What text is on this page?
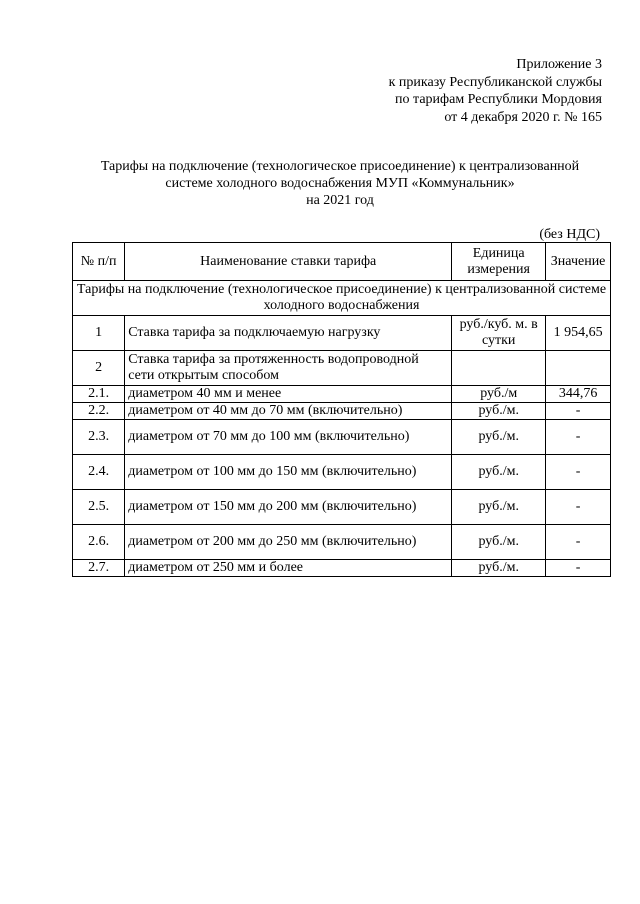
Приложение 3
к приказу Республиканской службы
по тарифам Республики Мордовия
от 4 декабря 2020 г. № 165
Тарифы на подключение (технологическое присоединение) к централизованной
системе холодного водоснабжения МУП «Коммунальник»
на 2021 год
(без НДС)
№ п/п	Наименование ставки тарифа	Единица измерения	Значение
Тарифы на подключение (технологическое присоединение) к централизованной системе холодного водоснабжения			
1	Ставка тарифа за подключаемую нагрузку	руб./куб. м. в сутки	1 954,65
2	Ставка тарифа за протяженность водопроводной сети открытым способом		
2.1.	диаметром 40 мм и менее	руб./м	344,76
2.2.	диаметром от 40 мм до 70 мм (включительно)	руб./м.	-
2.3.	диаметром от 70 мм до 100 мм (включительно)	руб./м.	-
2.4.	диаметром от 100 мм до 150 мм (включительно)	руб./м.	-
2.5.	диаметром от 150 мм до 200 мм (включительно)	руб./м.	-
2.6.	диаметром от 200 мм до 250 мм (включительно)	руб./м.	-
2.7.	диаметром от 250 мм и более	руб./м.	-
